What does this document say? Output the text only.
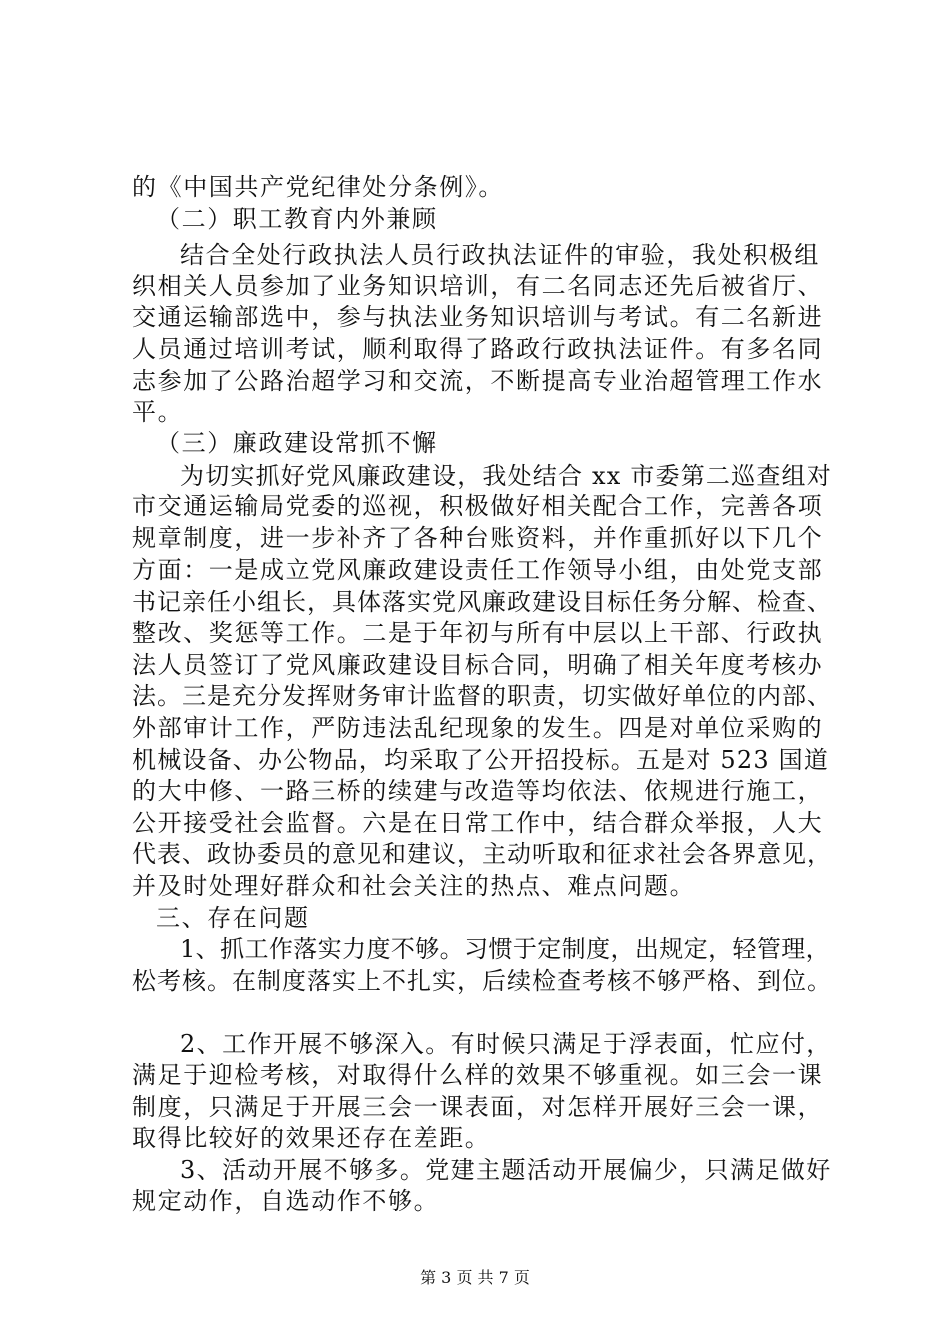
的《中国共产党纪律处分条例》。
（二）职工教育内外兼顾
结合全处行政执法人员行政执法证件的审验，我处积极组
织相关人员参加了业务知识培训，有二名同志还先后被省厅、
交通运输部选中，参与执法业务知识培训与考试。有二名新进
人员通过培训考试，顺利取得了路政行政执法证件。有多名同
志参加了公路治超学习和交流，不断提高专业治超管理工作水
平。
（三）廉政建设常抓不懈
为切实抓好党风廉政建设，我处结合 xx 市委第二巡查组对
市交通运输局党委的巡视，积极做好相关配合工作，完善各项
规章制度，进一步补齐了各种台账资料，并作重抓好以下几个
方面：一是成立党风廉政建设责任工作领导小组，由处党支部
书记亲任小组长，具体落实党风廉政建设目标任务分解、检查、
整改、奖惩等工作。二是于年初与所有中层以上干部、行政执
法人员签订了党风廉政建设目标合同，明确了相关年度考核办
法。三是充分发挥财务审计监督的职责，切实做好单位的内部、
外部审计工作，严防违法乱纪现象的发生。四是对单位采购的
机械设备、办公物品，均采取了公开招投标。五是对 523 国道
的大中修、一路三桥的续建与改造等均依法、依规进行施工，
公开接受社会监督。六是在日常工作中，结合群众举报，人大
代表、政协委员的意见和建议，主动听取和征求社会各界意见，
并及时处理好群众和社会关注的热点、难点问题。
三、存在问题
1、抓工作落实力度不够。习惯于定制度，出规定，轻管理，
松考核。在制度落实上不扎实，后续检查考核不够严格、到位。
2、工作开展不够深入。有时候只满足于浮表面，忙应付，
满足于迎检考核，对取得什么样的效果不够重视。如三会一课
制度，只满足于开展三会一课表面，对怎样开展好三会一课，
取得比较好的效果还存在差距。
3、活动开展不够多。党建主题活动开展偏少，只满足做好
规定动作，自选动作不够。
第 3 页 共 7 页
